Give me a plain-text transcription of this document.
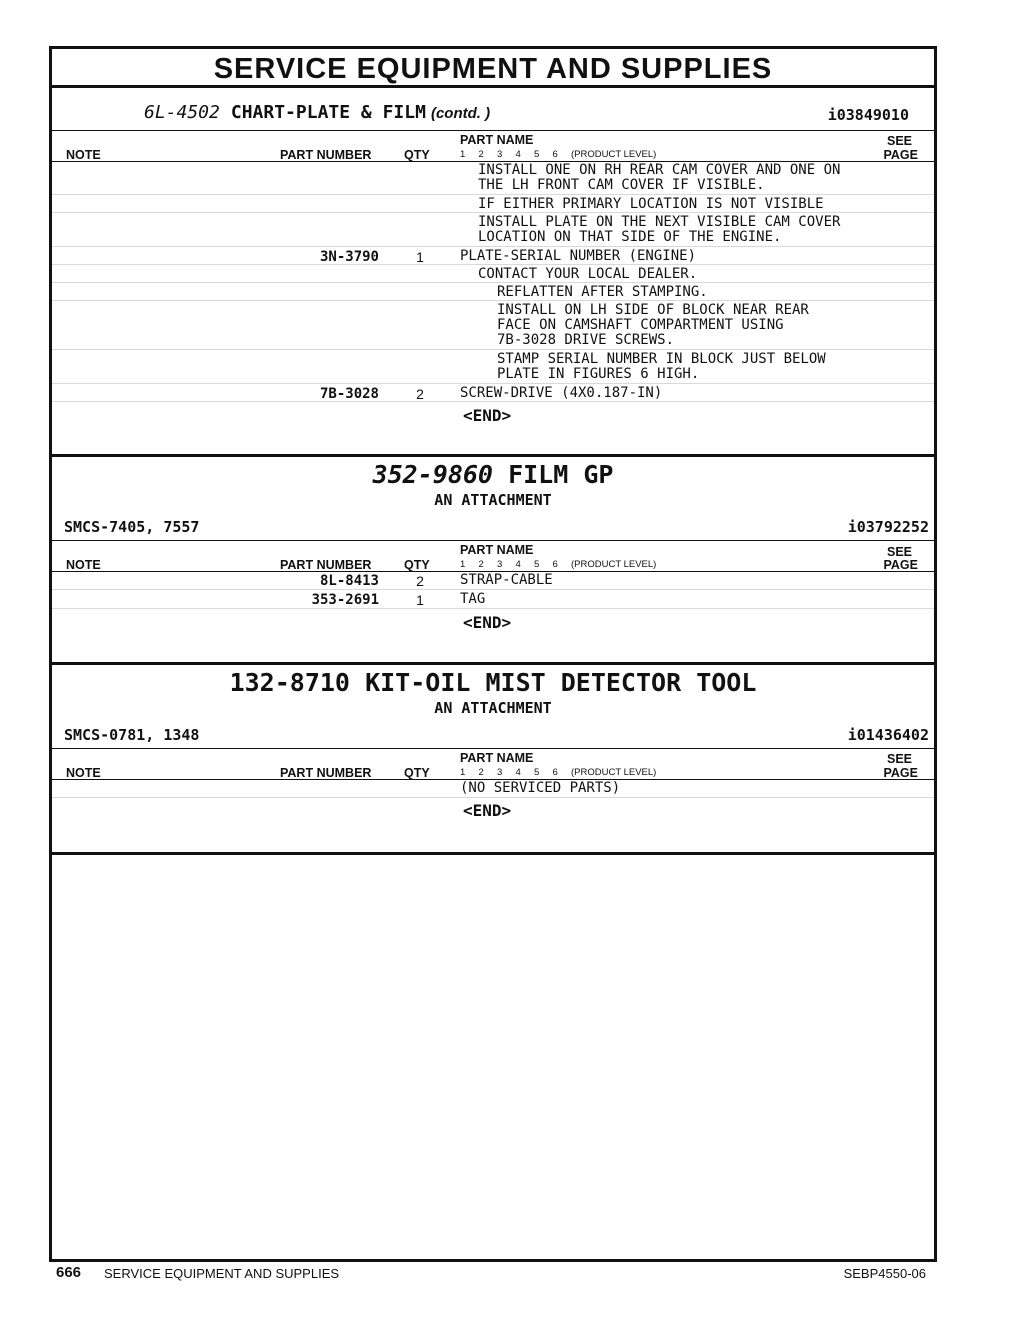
SERVICE EQUIPMENT AND SUPPLIES
6L-4502 CHART-PLATE & FILM (contd. )	i03849010
NOTE	PART NUMBER	QTY
PART NAME
1 2 3 4 5 6 (PRODUCT LEVEL)
SEE
PAGE
INSTALL ONE ON RH REAR CAM COVER AND ONE ON
THE LH FRONT CAM COVER IF VISIBLE.
IF EITHER PRIMARY LOCATION IS NOT VISIBLE
INSTALL PLATE ON THE NEXT VISIBLE CAM COVER
LOCATION ON THAT SIDE OF THE ENGINE.
3N-3790	1	PLATE-SERIAL NUMBER (ENGINE)
CONTACT YOUR LOCAL DEALER.
REFLATTEN AFTER STAMPING.
INSTALL ON LH SIDE OF BLOCK NEAR REAR
FACE ON CAMSHAFT COMPARTMENT USING
7B-3028 DRIVE SCREWS.
STAMP SERIAL NUMBER IN BLOCK JUST BELOW
PLATE IN FIGURES 6 HIGH.
7B-3028	2	SCREW-DRIVE (4X0.187-IN)
<END>
352-9860 FILM GP
AN ATTACHMENT
SMCS-7405, 7557	i03792252
NOTE	PART NUMBER	QTY
PART NAME
1 2 3 4 5 6 (PRODUCT LEVEL)
SEE
PAGE
8L-8413	2	STRAP-CABLE
353-2691	1	TAG
<END>
132-8710 KIT-OIL MIST DETECTOR TOOL
AN ATTACHMENT
SMCS-0781, 1348	i01436402
NOTE	PART NUMBER	QTY
PART NAME
1 2 3 4 5 6 (PRODUCT LEVEL)
SEE
PAGE
(NO SERVICED PARTS)
<END>
666 SERVICE EQUIPMENT AND SUPPLIES	SEBP4550-06
